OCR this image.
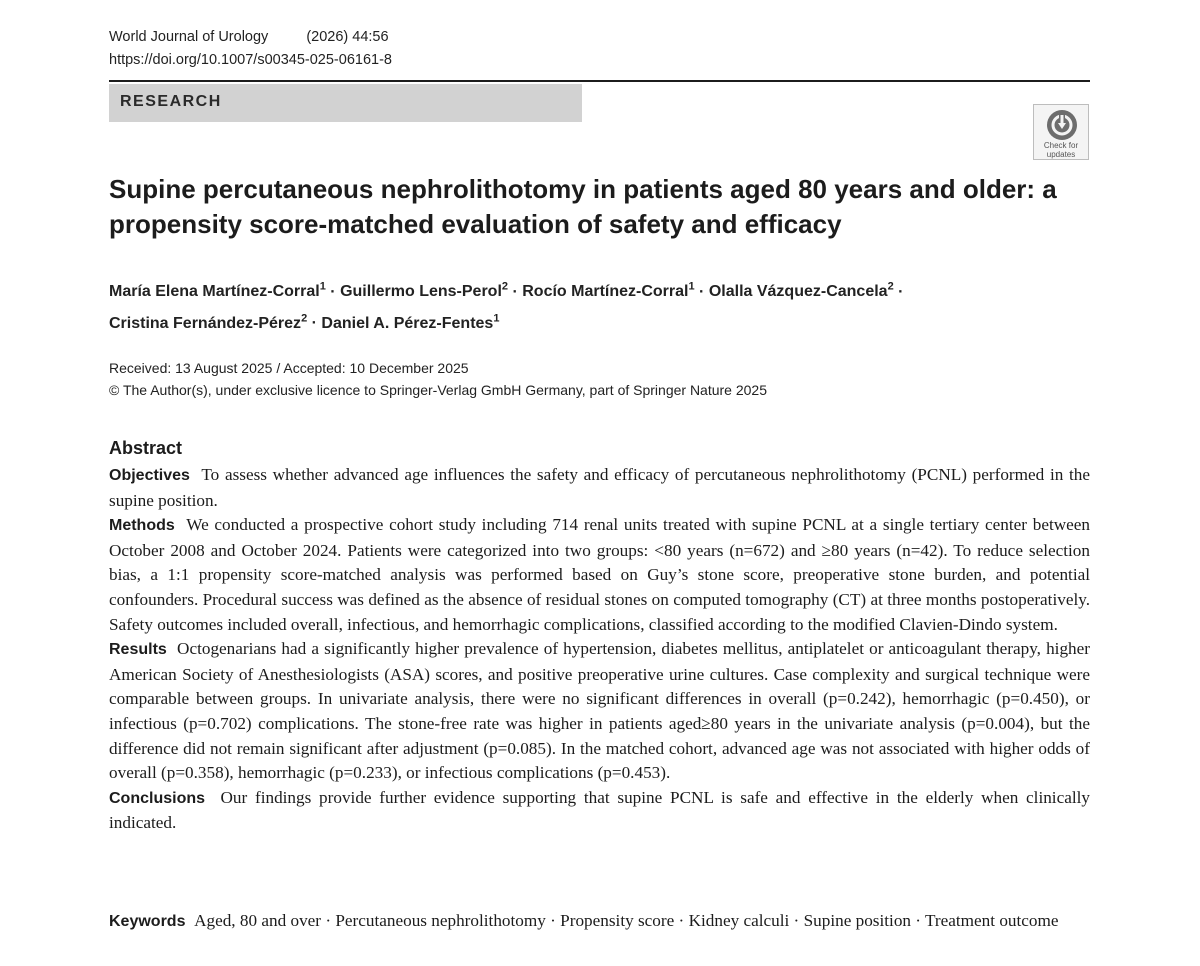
World Journal of Urology	(2026) 44:56
https://doi.org/10.1007/s00345-025-06161-8
RESEARCH
Check for
updates
Supine percutaneous nephrolithotomy in patients aged 80 years and older: a propensity score-matched evaluation of safety and efficacy
María Elena Martínez-Corral$^1$ · Guillermo Lens-Perol$^2$ · Rocío Martínez-Corral$^1$ · Olalla Vázquez-Cancela$^2$ ·
Cristina Fernández-Pérez$^2$ · Daniel A. Pérez-Fentes$^1$
Received: 13 August 2025 / Accepted: 10 December 2025
© The Author(s), under exclusive licence to Springer-Verlag GmbH Germany, part of Springer Nature 2025
Abstract

Objectives To assess whether advanced age influences the safety and efficacy of percutaneous nephrolithotomy (PCNL) performed in the supine position.

Methods We conducted a prospective cohort study including 714 renal units treated with supine PCNL at a single tertiary center between October 2008 and October 2024. Patients were categorized into two groups: <80 years (n=672) and ≥80 years (n=42). To reduce selection bias, a 1:1 propensity score-matched analysis was performed based on Guy’s stone score, preoperative stone burden, and potential confounders. Procedural success was defined as the absence of residual stones on computed tomography (CT) at three months postoperatively. Safety outcomes included overall, infectious, and hemorrhagic complications, classified according to the modified Clavien-Dindo system.

Results Octogenarians had a significantly higher prevalence of hypertension, diabetes mellitus, antiplatelet or anticoagulant therapy, higher American Society of Anesthesiologists (ASA) scores, and positive preoperative urine cultures. Case complexity and surgical technique were comparable between groups. In univariate analysis, there were no significant differences in overall (p=0.242), hemorrhagic (p=0.450), or infectious (p=0.702) complications. The stone-free rate was higher in patients aged≥80 years in the univariate analysis (p=0.004), but the difference did not remain significant after adjustment (p=0.085). In the matched cohort, advanced age was not associated with higher odds of overall (p=0.358), hemorrhagic (p=0.233), or infectious complications (p=0.453).

Conclusions Our findings provide further evidence supporting that supine PCNL is safe and effective in the elderly when clinically indicated.

Keywords Aged, 80 and over · Percutaneous nephrolithotomy · Propensity score · Kidney calculi · Supine position · Treatment outcome
